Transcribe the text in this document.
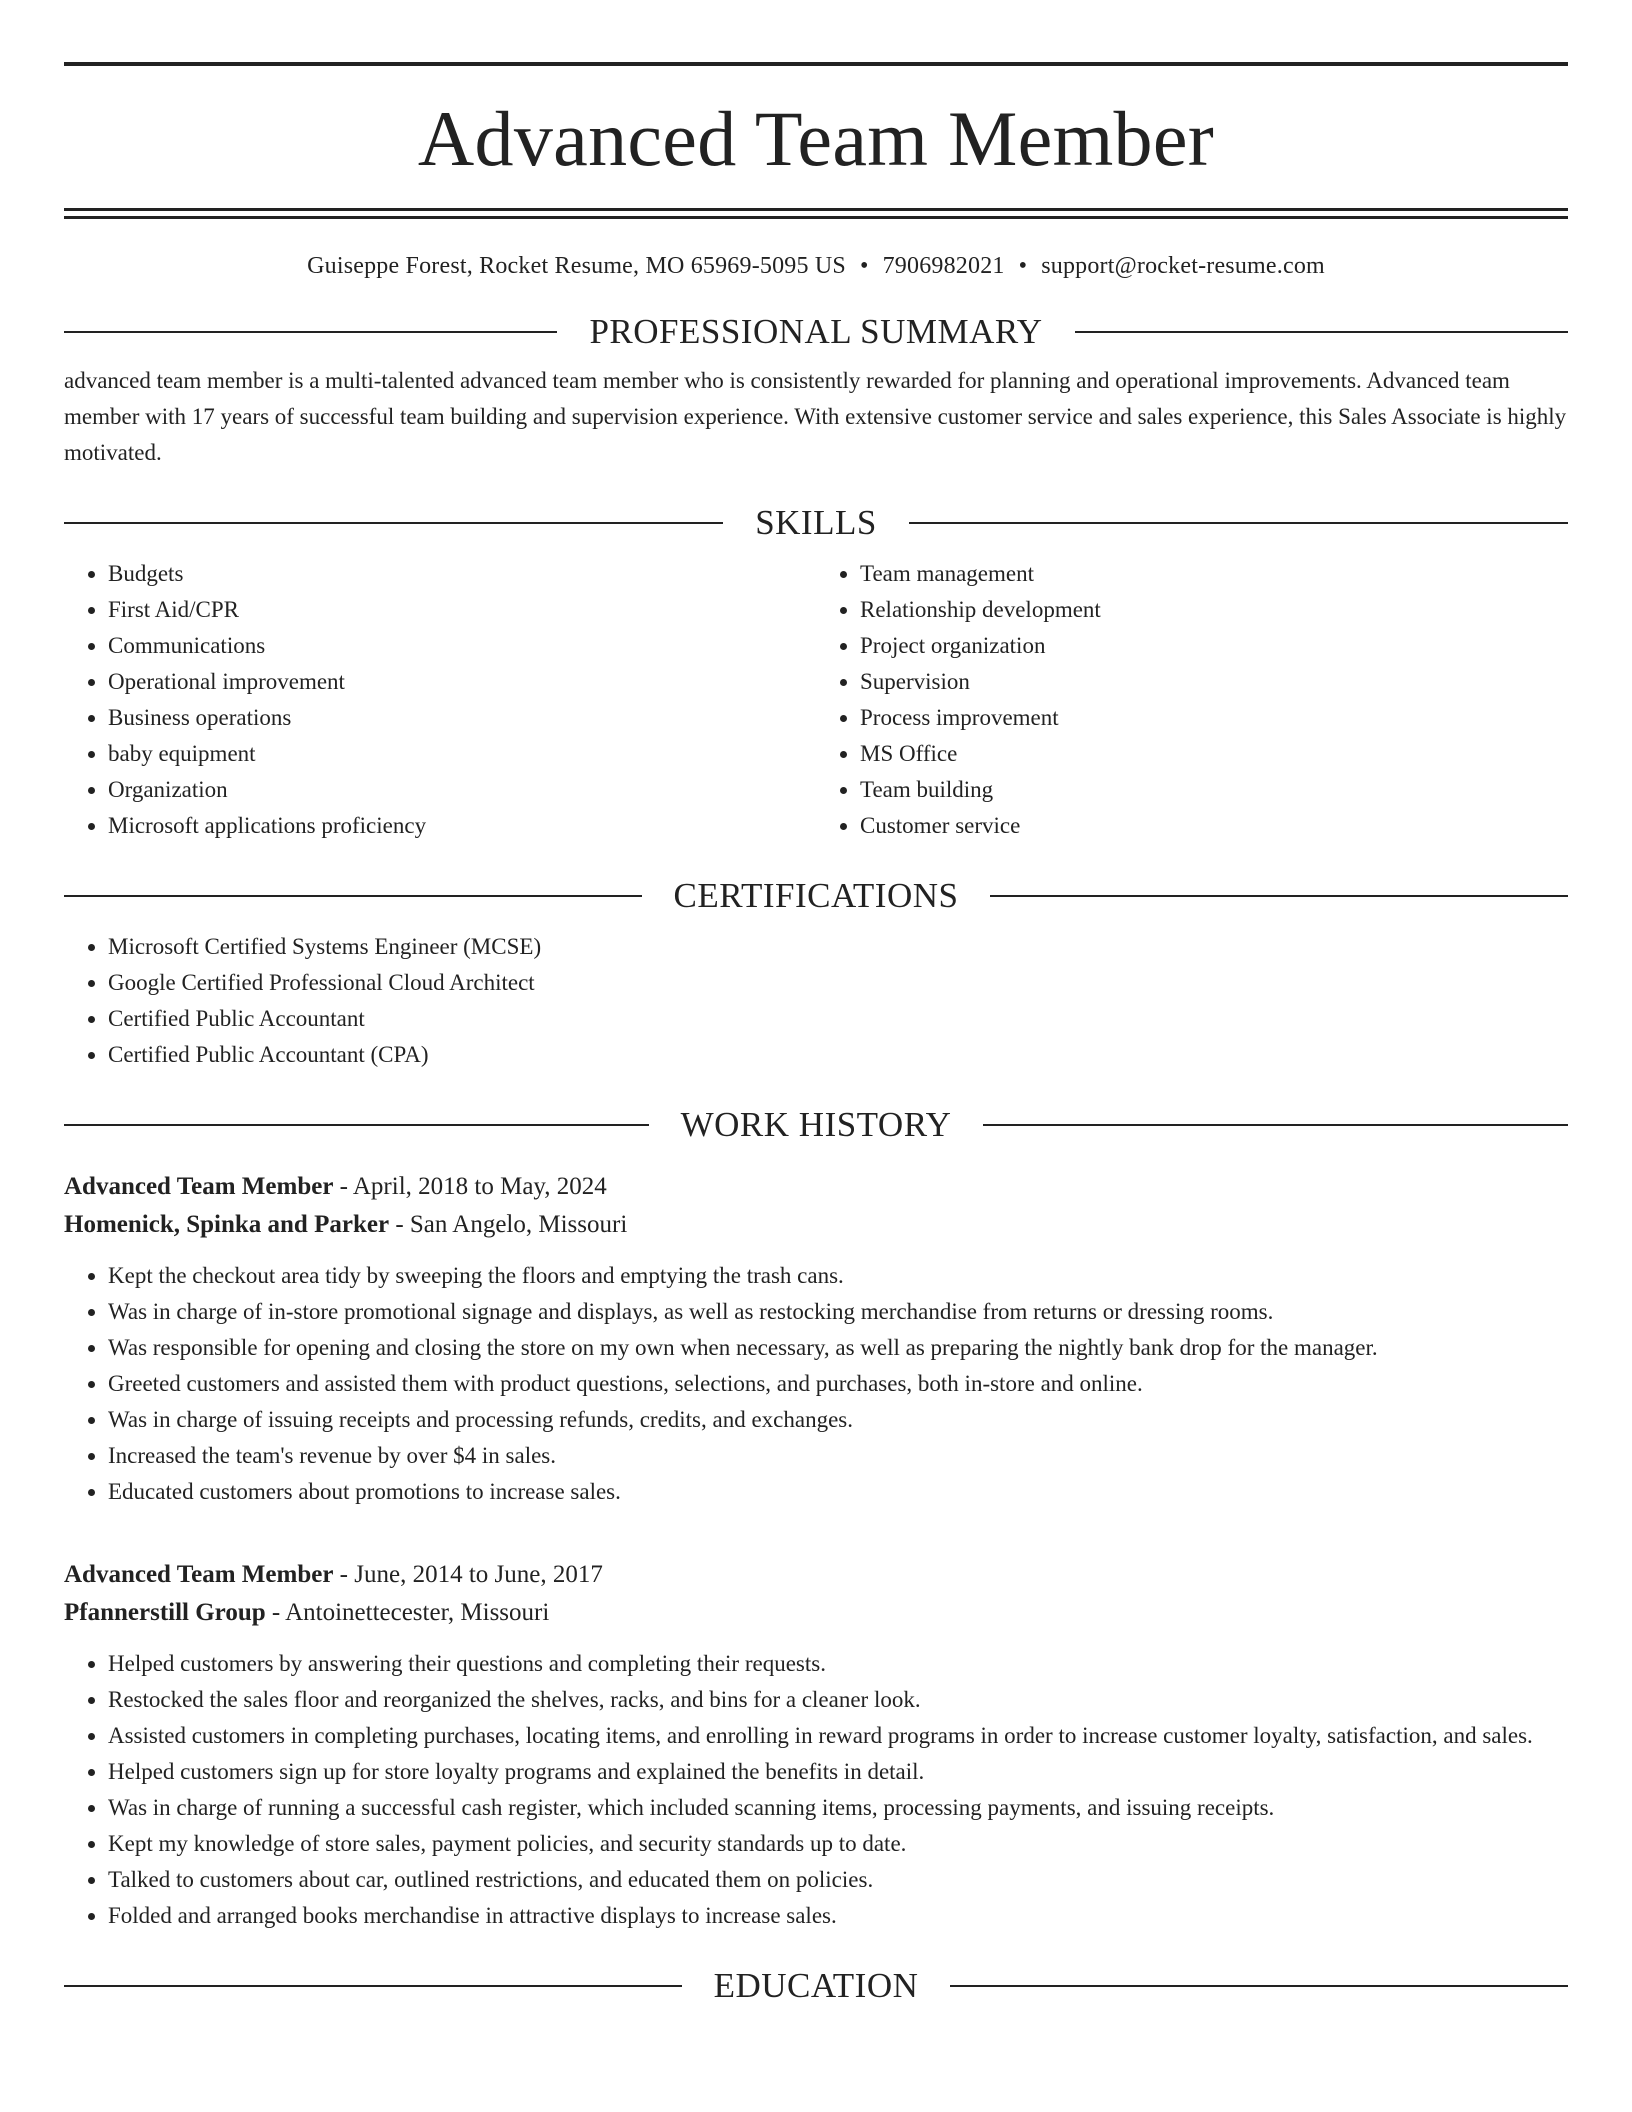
Advanced Team Member
Guiseppe Forest, Rocket Resume, MO 65969-5095 US • 7906982021 • support@rocket-resume.com
PROFESSIONAL SUMMARY
advanced team member is a multi-talented advanced team member who is consistently rewarded for planning and operational improvements. Advanced team member with 17 years of successful team building and supervision experience. With extensive customer service and sales experience, this Sales Associate is highly motivated.
SKILLS
• Budgets
• First Aid/CPR
• Communications
• Operational improvement
• Business operations
• baby equipment
• Organization
• Microsoft applications proficiency
• Team management
• Relationship development
• Project organization
• Supervision
• Process improvement
• MS Office
• Team building
• Customer service
CERTIFICATIONS
• Microsoft Certified Systems Engineer (MCSE)
• Google Certified Professional Cloud Architect
• Certified Public Accountant
• Certified Public Accountant (CPA)
WORK HISTORY
Advanced Team Member - April, 2018 to May, 2024
Homenick, Spinka and Parker - San Angelo, Missouri
• Kept the checkout area tidy by sweeping the floors and emptying the trash cans.
• Was in charge of in-store promotional signage and displays, as well as restocking merchandise from returns or dressing rooms.
• Was responsible for opening and closing the store on my own when necessary, as well as preparing the nightly bank drop for the manager.
• Greeted customers and assisted them with product questions, selections, and purchases, both in-store and online.
• Was in charge of issuing receipts and processing refunds, credits, and exchanges.
• Increased the team's revenue by over $4 in sales.
• Educated customers about promotions to increase sales.
Advanced Team Member - June, 2014 to June, 2017
Pfannerstill Group - Antoinettecester, Missouri
• Helped customers by answering their questions and completing their requests.
• Restocked the sales floor and reorganized the shelves, racks, and bins for a cleaner look.
• Assisted customers in completing purchases, locating items, and enrolling in reward programs in order to increase customer loyalty, satisfaction, and sales.
• Helped customers sign up for store loyalty programs and explained the benefits in detail.
• Was in charge of running a successful cash register, which included scanning items, processing payments, and issuing receipts.
• Kept my knowledge of store sales, payment policies, and security standards up to date.
• Talked to customers about car, outlined restrictions, and educated them on policies.
• Folded and arranged books merchandise in attractive displays to increase sales.
EDUCATION
